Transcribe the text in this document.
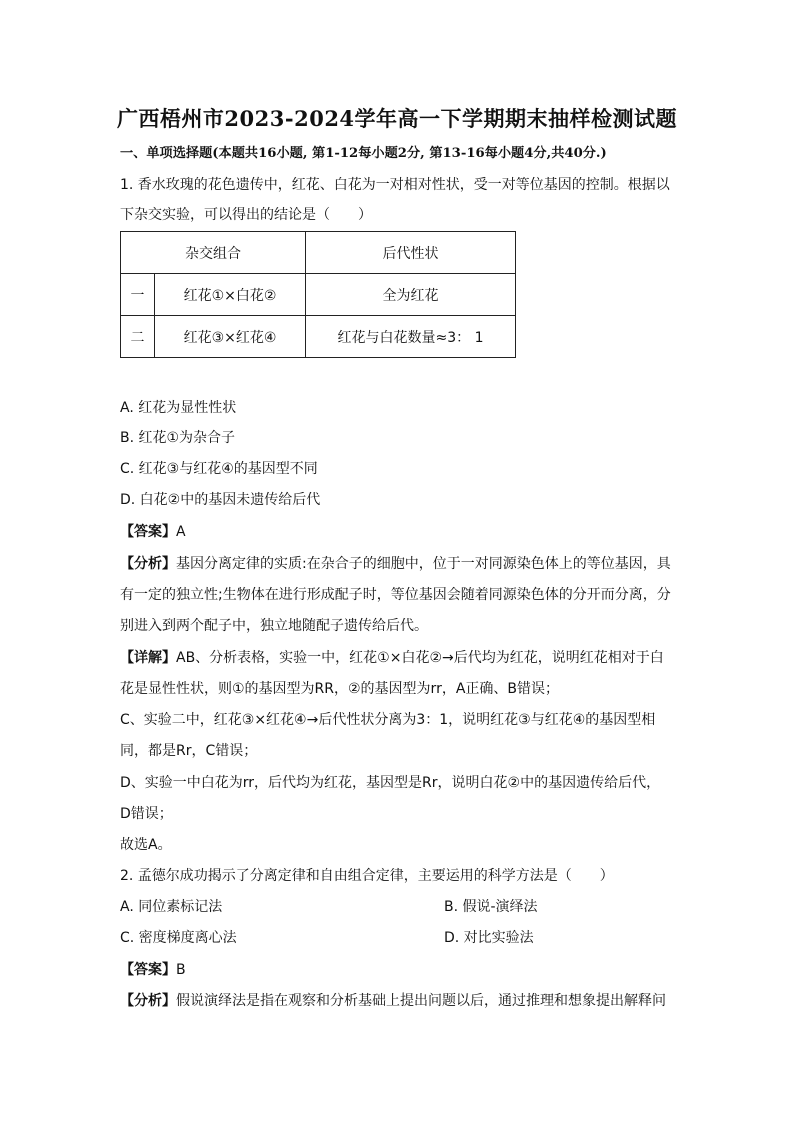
广西梧州市2023-2024学年高一下学期期末抽样检测试题
一、单项选择题(本题共16小题, 第1-12每小题2分, 第13-16每小题4分,共40分.)
1. 香水玫瑰的花色遗传中，红花、白花为一对相对性状，受一对等位基因的控制。根据以
下杂交实验，可以得出的结论是（　　）
杂交组合		后代性状
一	红花①×白花②	全为红花
二	红花③×红花④	红花与白花数量≈3： 1
A. 红花为显性性状
B. 红花①为杂合子
C. 红花③与红花④的基因型不同
D. 白花②中的基因未遗传给后代
【答案】A
【分析】基因分离定律的实质:在杂合子的细胞中，位于一对同源染色体上的等位基因，具
有一定的独立性;生物体在进行形成配子时，等位基因会随着同源染色体的分开而分离，分
别进入到两个配子中，独立地随配子遗传给后代。
【详解】AB、分析表格，实验一中，红花①×白花②→后代均为红花，说明红花相对于白
花是显性性状，则①的基因型为RR，②的基因型为rr，A正确、B错误；
C、实验二中，红花③×红花④→后代性状分离为3：1，说明红花③与红花④的基因型相
同，都是Rr，C错误；
D、实验一中白花为rr，后代均为红花，基因型是Rr，说明白花②中的基因遗传给后代，
D错误；
故选A。
2. 孟德尔成功揭示了分离定律和自由组合定律，主要运用的科学方法是（　　）
A. 同位素标记法	B. 假说-演绎法
C. 密度梯度离心法	D. 对比实验法
【答案】B
【分析】假说演绎法是指在观察和分析基础上提出问题以后，通过推理和想象提出解释问
